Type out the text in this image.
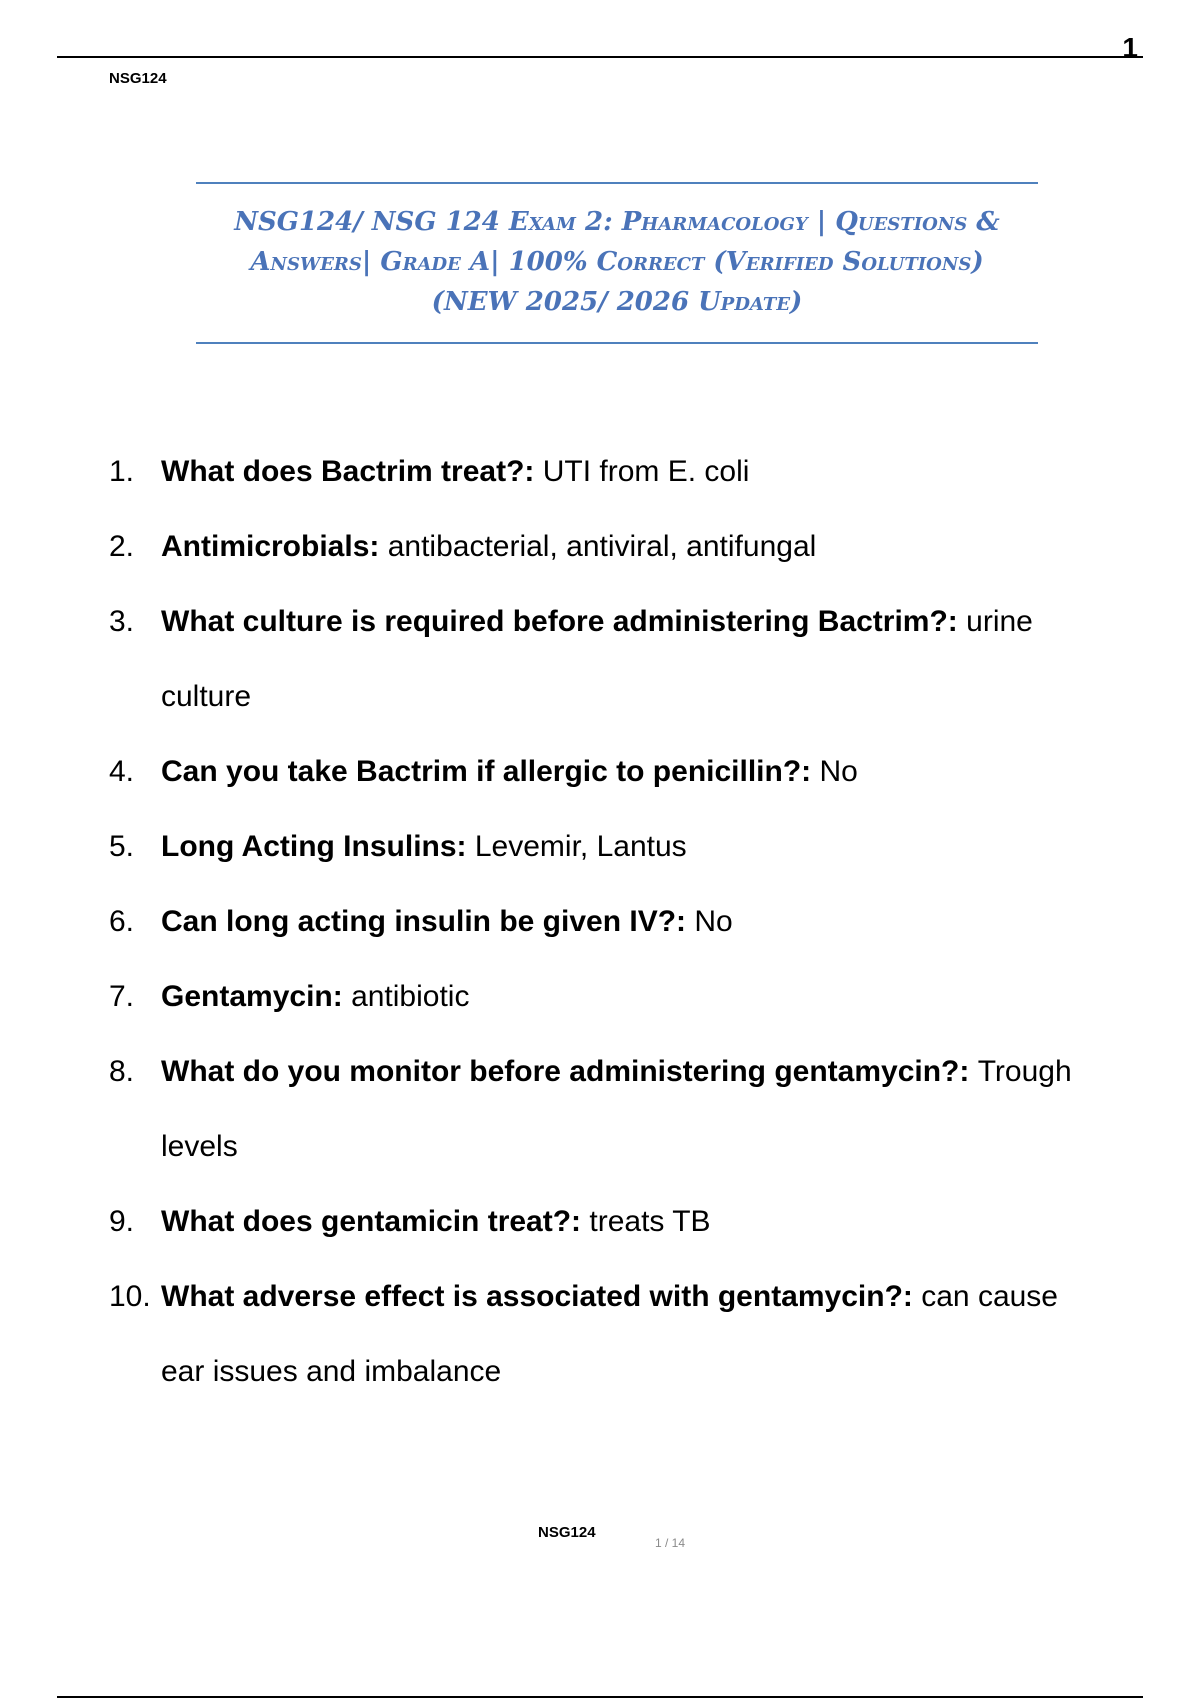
1
NSG124

NSG124/ NSG 124 Exam 2: Pharmacology | Questions &

Answers| Grade A| 100% Correct (Verified Solutions)

(NEW 2025/ 2026 Update)

1. What does Bactrim treat?: UTI from E. coli
2. Antimicrobials: antibacterial, antiviral, antifungal
3. What culture is required before administering Bactrim?: urine culture
4. Can you take Bactrim if allergic to penicillin?: No
5. Long Acting Insulins: Levemir, Lantus
6. Can long acting insulin be given IV?: No
7. Gentamycin: antibiotic
8. What do you monitor before administering gentamycin?: Trough levels
9. What does gentamicin treat?: treats TB
10. What adverse effect is associated with gentamycin?: can cause ear issues and imbalance
NSG124
1 / 14
